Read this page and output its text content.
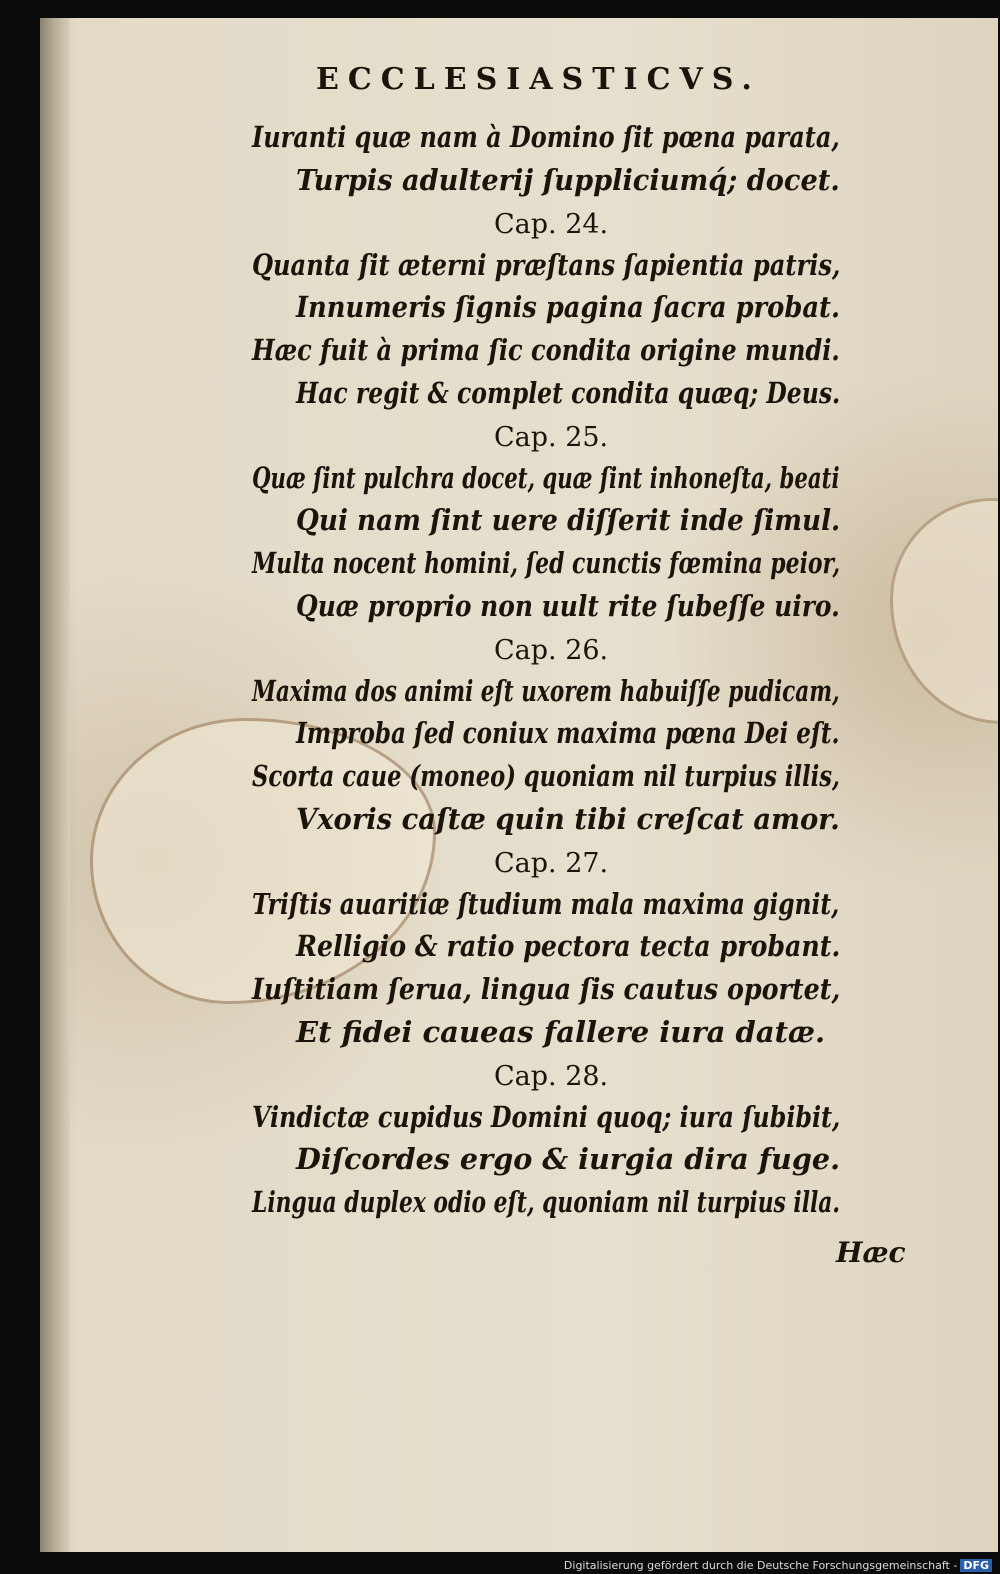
ECCLESIASTICVS.
Iuranti quæ nam à Domino ſit pœna parata,
Turpis adulterij ſuppliciumq́; docet.
Cap. 24.
Quanta ſit æterni præſtans ſapientia patris,
Innumeris ſignis pagina ſacra probat.
Hæc fuit à prima ſic condita origine mundi.
Hac regit & complet condita quæq; Deus.
Cap. 25.
Quæ ſint pulchra docet, quæ ſint inhoneſta, beati
Qui nam ſint uere diſſerit inde ſimul.
Multa nocent homini, ſed cunctis fœmina peior,
Quæ proprio non uult rite ſubeſſe uiro.
Cap. 26.
Maxima dos animi eſt uxorem habuiſſe pudicam,
Improba ſed coniux maxima pœna Dei eſt.
Scorta caue (moneo) quoniam nil turpius illis,
Vxoris caſtæ quin tibi creſcat amor.
Cap. 27.
Triſtis auaritiæ ſtudium mala maxima gignit,
Relligio & ratio pectora tecta probant.
Iuſtitiam ſerua, lingua ſis cautus oportet,
Et fidei caueas fallere iura datæ.
Cap. 28.
Vindictæ cupidus Domini quoq; iura ſubibit,
Diſcordes ergo & iurgia dira fuge.
Lingua duplex odio eſt, quoniam nil turpius illa.
Hæc
Digitalisierung gefördert durch die Deutsche Forschungsgemeinschaft - DFG
